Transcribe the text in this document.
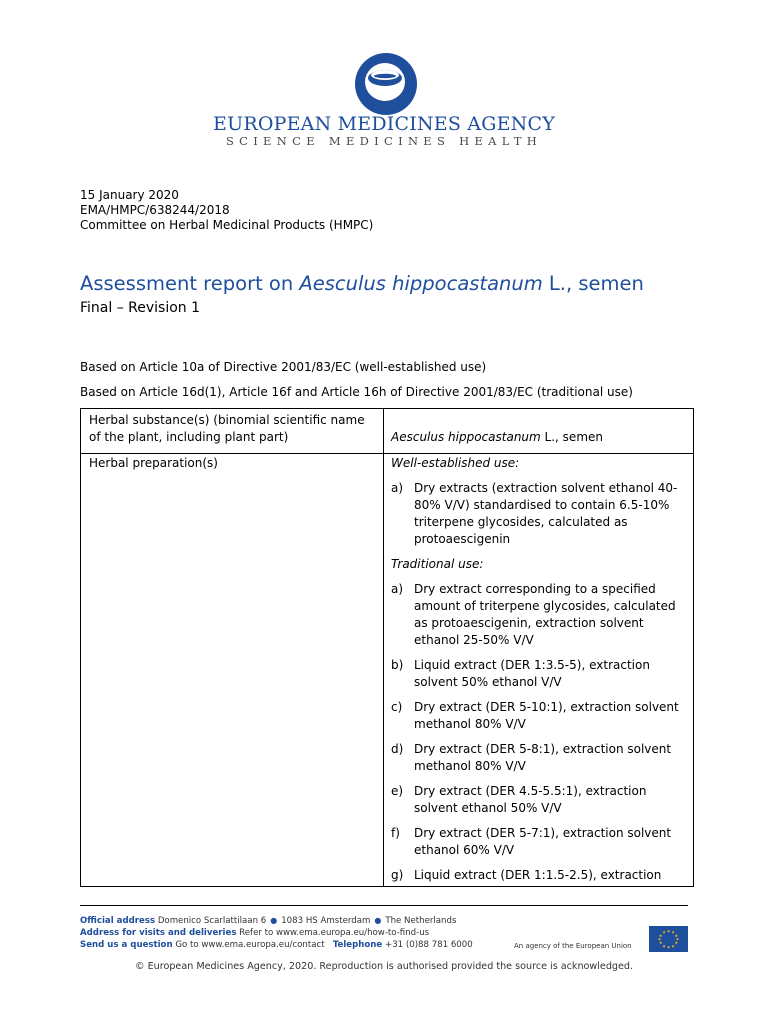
EUROPEAN MEDICINES AGENCY
SCIENCE MEDICINES HEALTH
15 January 2020
EMA/HMPC/638244/2018
Committee on Herbal Medicinal Products (HMPC)
Assessment report on Aesculus hippocastanum L., semen
Final – Revision 1
Based on Article 10a of Directive 2001/83/EC (well-established use)
Based on Article 16d(1), Article 16f and Article 16h of Directive 2001/83/EC (traditional use)
Herbal substance(s) (binomial scientific name of the plant, including plant part)	Aesculus hippocastanum L., semen
Herbal preparation(s)	Well-established use:
a) Dry extracts (extraction solvent ethanol 40-80% V/V) standardised to contain 6.5-10% triterpene glycosides, calculated as protoaescigenin
Traditional use:
a) Dry extract corresponding to a specified amount of triterpene glycosides, calculated as protoaescigenin, extraction solvent ethanol 25-50% V/V
b) Liquid extract (DER 1:3.5-5), extraction solvent 50% ethanol V/V
c) Dry extract (DER 5-10:1), extraction solvent methanol 80% V/V
d) Dry extract (DER 5-8:1), extraction solvent methanol 80% V/V
e) Dry extract (DER 4.5-5.5:1), extraction solvent ethanol 50% V/V
f) Dry extract (DER 5-7:1), extraction solvent ethanol 60% V/V
g) Liquid extract (DER 1:1.5-2.5), extraction
Official address Domenico Scarlattilaan 6 ● 1083 HS Amsterdam ● The Netherlands
Address for visits and deliveries Refer to www.ema.europa.eu/how-to-find-us
Send us a question Go to www.ema.europa.eu/contact Telephone +31 (0)88 781 6000	An agency of the European Union
★ ★
★
★
★
★
★
★
★
★
★
★
© European Medicines Agency, 2020. Reproduction is authorised provided the source is acknowledged.
